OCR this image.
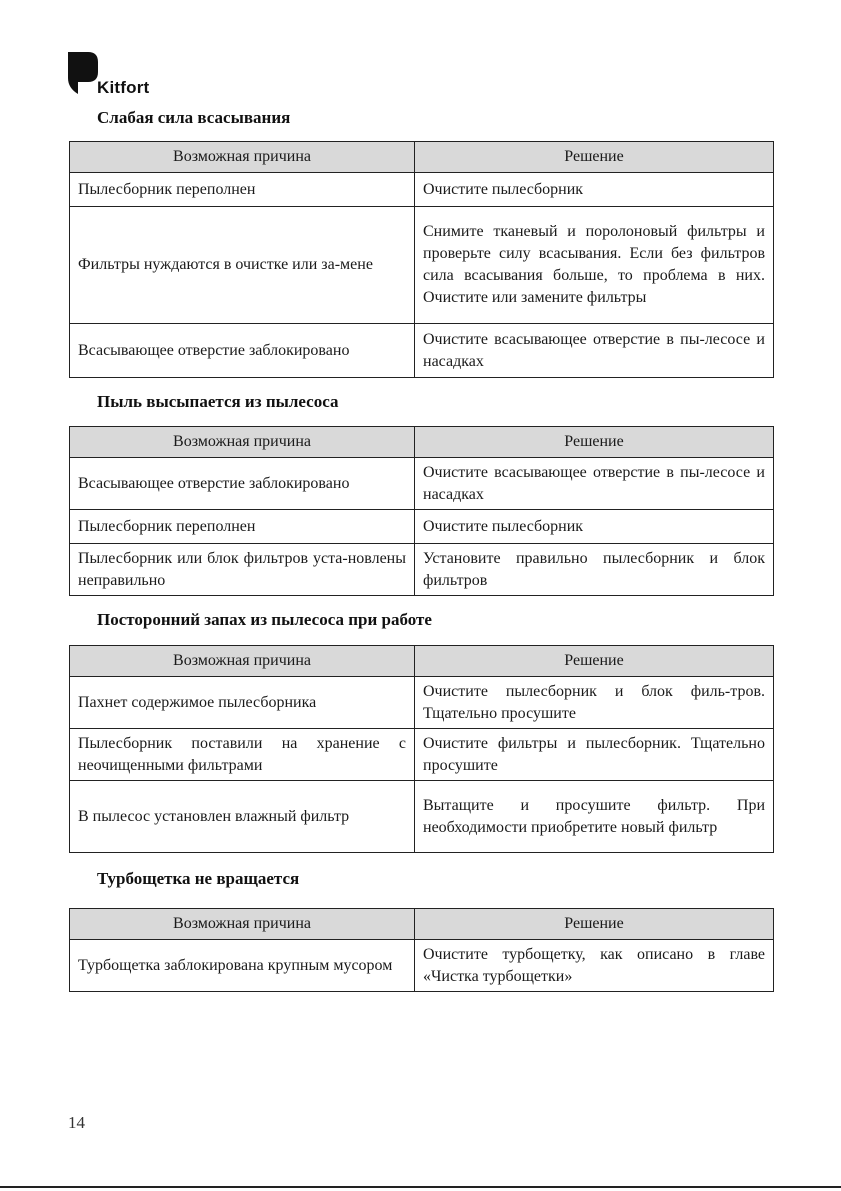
Kitfort
Слабая сила всасывания
Возможная причина	Решение
Пылесборник переполнен	Очистите пылесборник
Фильтры нуждаются в очистке или за-мене	Снимите тканевый и поролоновый фильтры и проверьте силу всасывания. Если без фильтров сила всасывания больше, то проблема в них. Очистите или замените фильтры
Всасывающее отверстие заблокировано	Очистите всасывающее отверстие в пы-лесосе и насадках
Пыль высыпается из пылесоса
Возможная причина	Решение
Всасывающее отверстие заблокировано	Очистите всасывающее отверстие в пы-лесосе и насадках
Пылесборник переполнен	Очистите пылесборник
Пылесборник или блок фильтров уста-новлены неправильно	Установите правильно пылесборник и блок фильтров
Посторонний запах из пылесоса при работе
Возможная причина	Решение
Пахнет содержимое пылесборника	Очистите пылесборник и блок филь-тров. Тщательно просушите
Пылесборник поставили на хранение с неочищенными фильтрами	Очистите фильтры и пылесборник. Тщательно просушите
В пылесос установлен влажный фильтр	Вытащите и просушите фильтр. При необходимости приобретите новый фильтр
Турбощетка не вращается
Возможная причина	Решение
Турбощетка заблокирована крупным мусором	Очистите турбощетку, как описано в главе «Чистка турбощетки»
14
